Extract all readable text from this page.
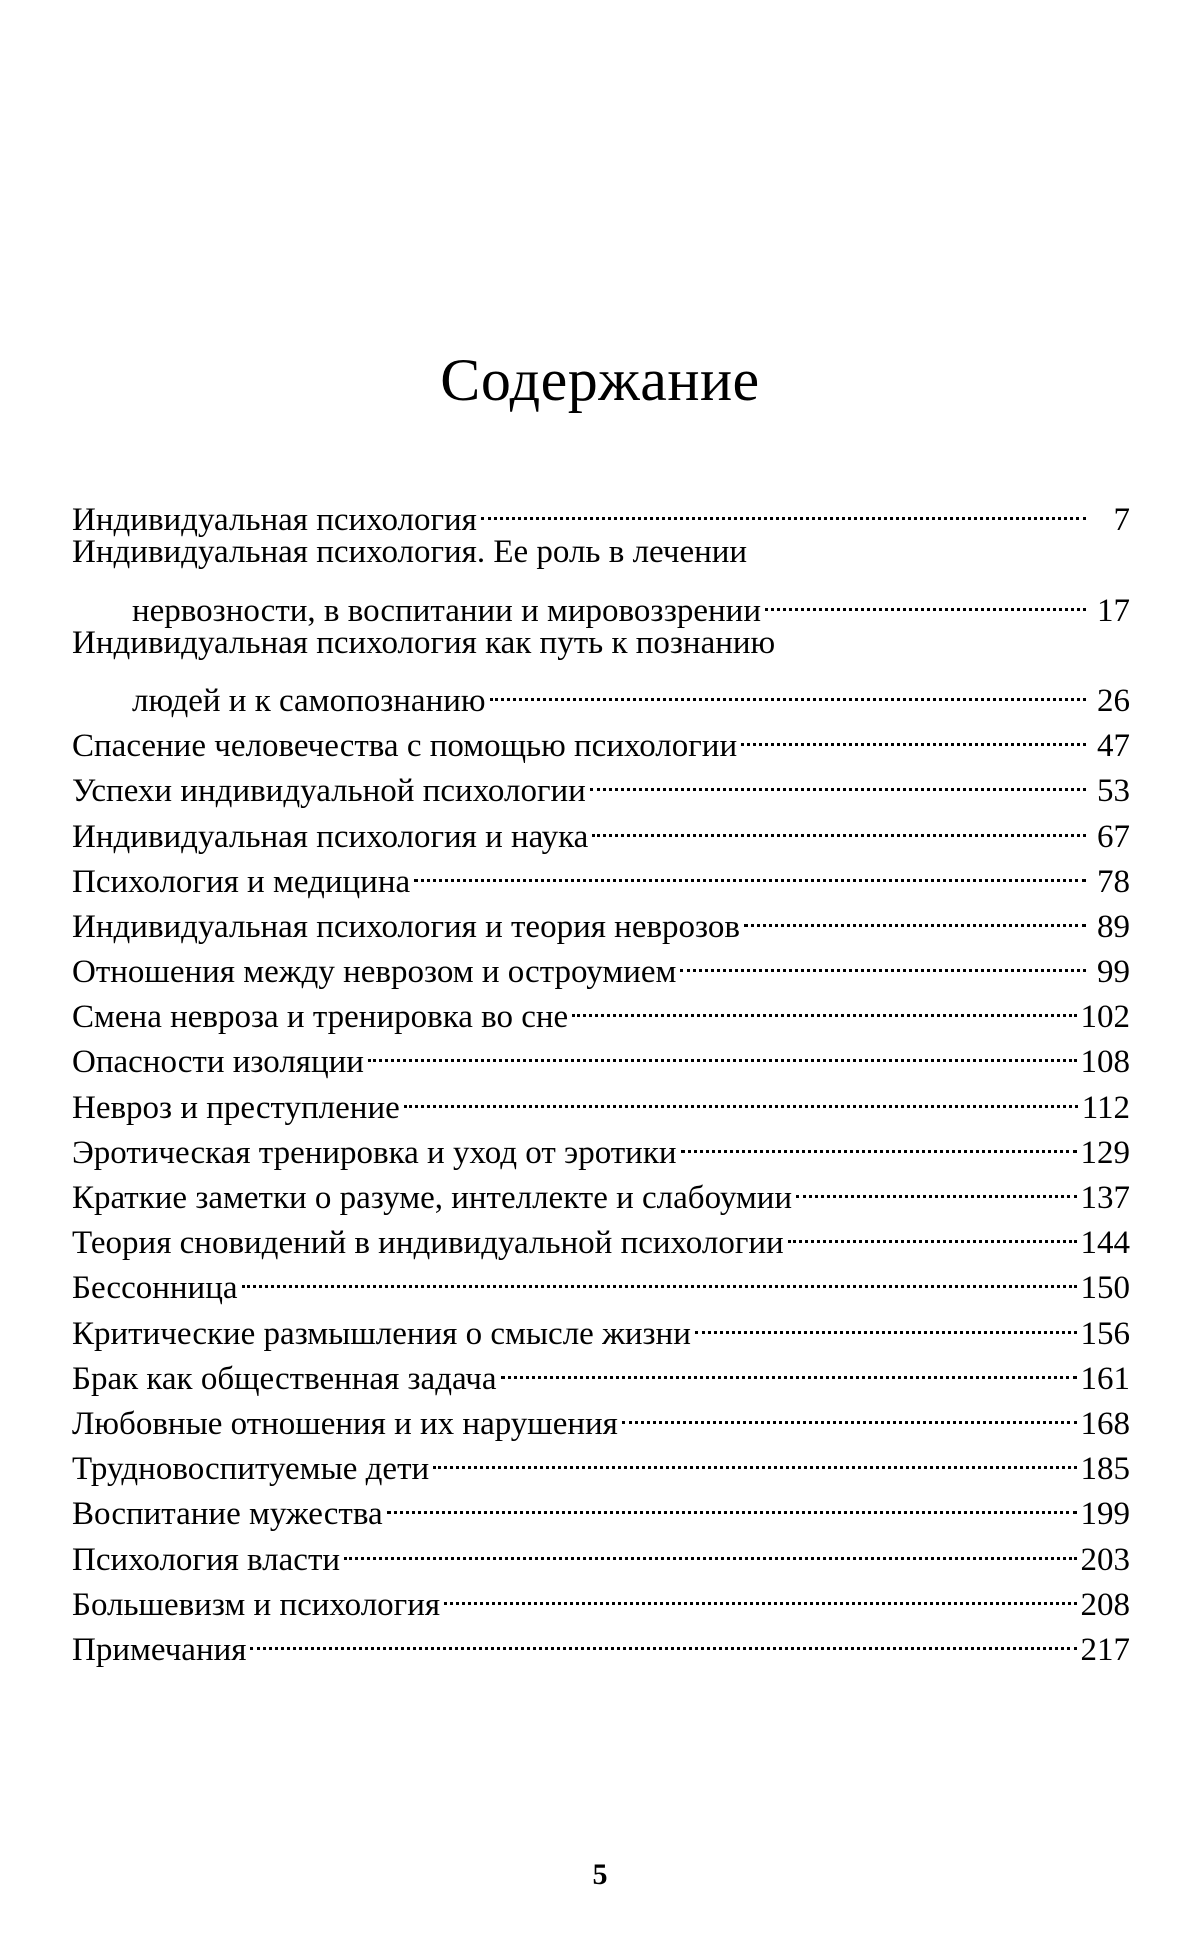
Содержание
Индивидуальная психология	7
Индивидуальная психология. Ее роль в лечении
нервозности, в воспитании и мировоззрении	17
Индивидуальная психология как путь к познанию
людей и к самопознанию	26
Спасение человечества с помощью психологии	47
Успехи индивидуальной психологии	53
Индивидуальная психология и наука	67
Психология и медицина	78
Индивидуальная психология и теория неврозов	89
Отношения между неврозом и остроумием	99
Смена невроза и тренировка во сне	102
Опасности изоляции	108
Невроз и преступление	112
Эротическая тренировка и уход от эротики	129
Краткие заметки о разуме, интеллекте и слабоумии	137
Теория сновидений в индивидуальной психологии	144
Бессонница	150
Критические размышления о смысле жизни	156
Брак как общественная задача	161
Любовные отношения и их нарушения	168
Трудновоспитуемые дети	185
Воспитание мужества	199
Психология власти	203
Большевизм и психология	208
Примечания	217
5
